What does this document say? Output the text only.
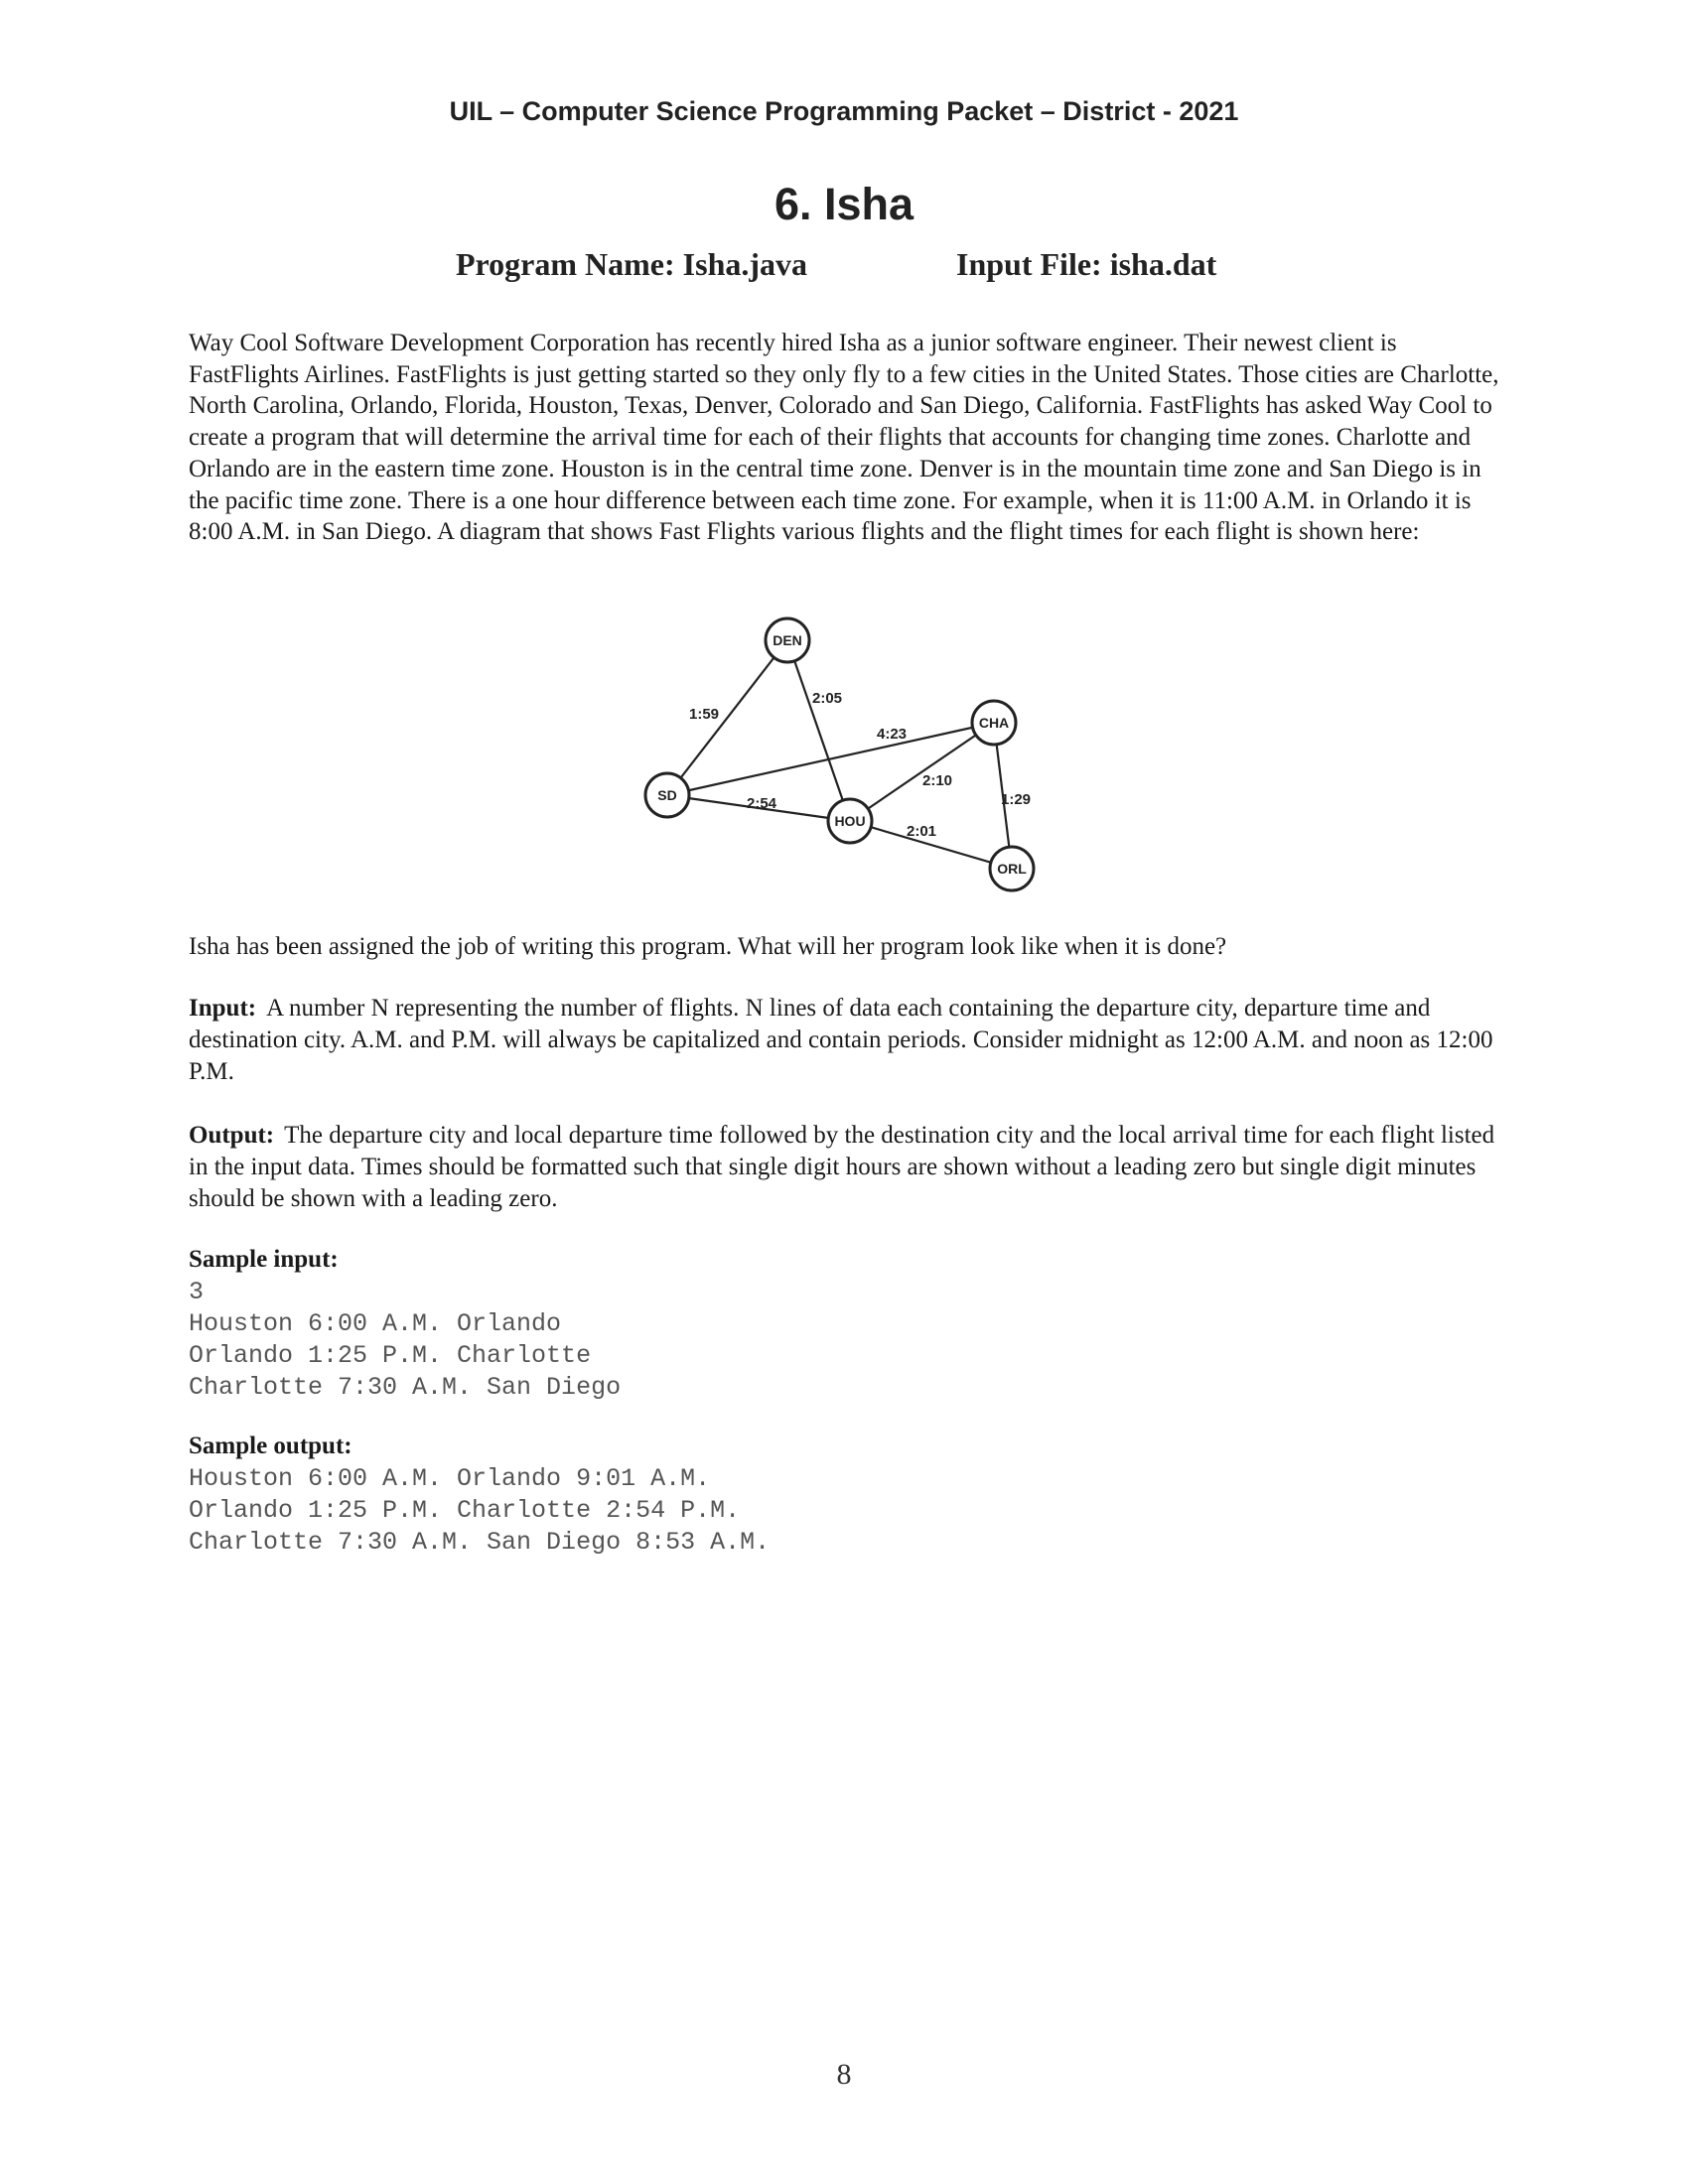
UIL – Computer Science Programming Packet – District - 2021
6. Isha
Program Name: Isha.java	Input File: isha.dat

Way Cool Software Development Corporation has recently hired Isha as a junior software engineer. Their newest client is FastFlights Airlines. FastFlights is just getting started so they only fly to a few cities in the United States. Those cities are Charlotte, North Carolina, Orlando, Florida, Houston, Texas, Denver, Colorado and San Diego, California. FastFlights has asked Way Cool to create a program that will determine the arrival time for each of their flights that accounts for changing time zones. Charlotte and Orlando are in the eastern time zone. Houston is in the central time zone. Denver is in the mountain time zone and San Diego is in the pacific time zone. There is a one hour difference between each time zone. For example, when it is 11:00 A.M. in Orlando it is 8:00 A.M. in San Diego. A diagram that shows Fast Flights various flights and the flight times for each flight is shown here:

1:59
2:05
4:23
2:10
1:29
2:54
2:01
DEN
CHA
SD
HOU
ORL

Isha has been assigned the job of writing this program. What will her program look like when it is done?

Input: A number N representing the number of flights. N lines of data each containing the departure city, departure time and destination city. A.M. and P.M. will always be capitalized and contain periods. Consider midnight as 12:00 A.M. and noon as 12:00 P.M.

Output: The departure city and local departure time followed by the destination city and the local arrival time for each flight listed in the input data. Times should be formatted such that single digit hours are shown without a leading zero but single digit minutes should be shown with a leading zero.

Sample input:
3
Houston 6:00 A.M. Orlando
Orlando 1:25 P.M. Charlotte
Charlotte 7:30 A.M. San Diego
Sample output:
Houston 6:00 A.M. Orlando 9:01 A.M.
Orlando 1:25 P.M. Charlotte 2:54 P.M.
Charlotte 7:30 A.M. San Diego 8:53 A.M.
8
